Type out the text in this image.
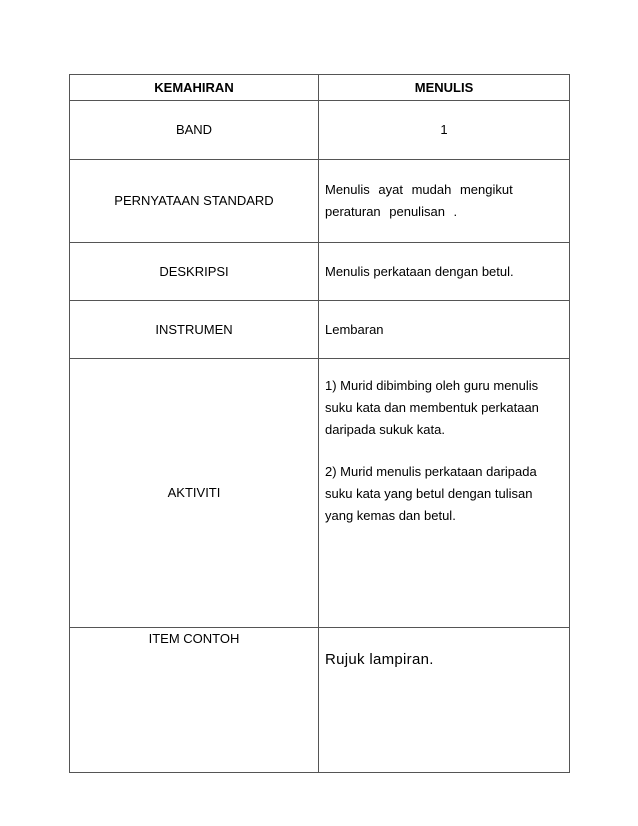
KEMAHIRAN	MENULIS
BAND	1
PERNYATAAN STANDARD	Menulis ayat mudah mengikut
peraturan penulisan .

DESKRIPSI	Menulis perkataan dengan betul.
INSTRUMEN	Lembaran
AKTIVITI	1) Murid dibimbing oleh guru menulis suku kata dan membentuk perkataan daripada sukuk kata.
2) Murid menulis perkataan daripada suku kata yang betul dengan tulisan yang kemas dan betul.

ITEM CONTOH	Rujuk lampiran.
